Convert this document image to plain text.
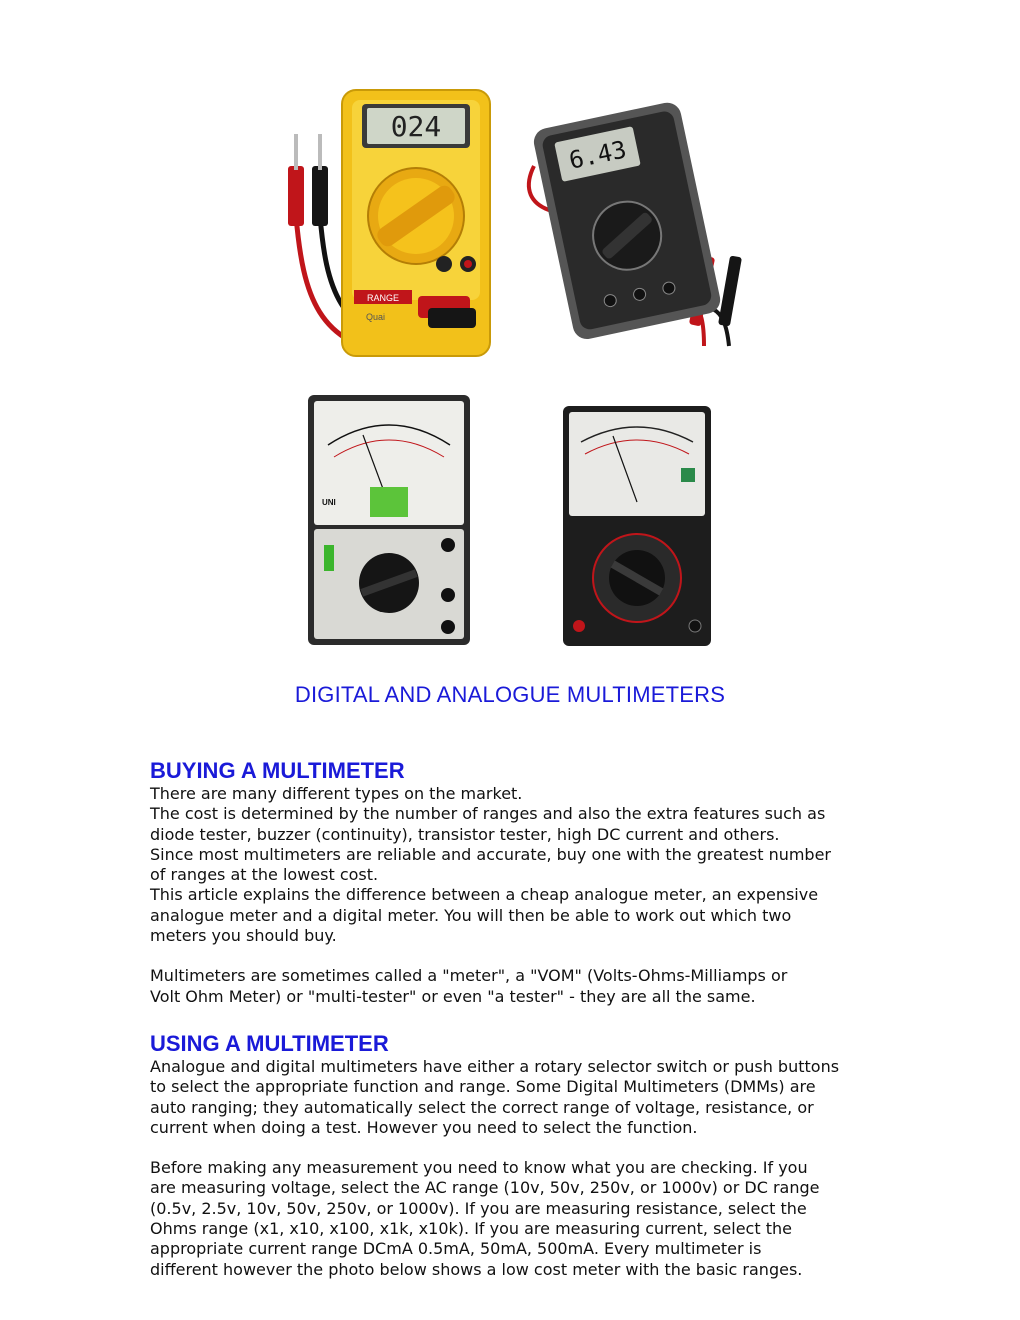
024
RANGE
Quai
6.43
UNI
DIGITAL AND ANALOGUE MULTIMETERS
BUYING A MULTIMETER

There are many different types on the market.

The cost is determined by the number of ranges and also the extra features such as

diode tester, buzzer (continuity), transistor tester, high DC current and others.

Since most multimeters are reliable and accurate, buy one with the greatest number

of ranges at the lowest cost.

This article explains the difference between a cheap analogue meter, an expensive

analogue meter and a digital meter. You will then be able to work out which two

meters you should buy.

Multimeters are sometimes called a "meter", a "VOM" (Volts-Ohms-Milliamps or

Volt Ohm Meter) or "multi-tester" or even "a tester" - they are all the same.

USING A MULTIMETER

Analogue and digital multimeters have either a rotary selector switch or push buttons

to select the appropriate function and range. Some Digital Multimeters (DMMs) are

auto ranging; they automatically select the correct range of voltage, resistance, or

current when doing a test. However you need to select the function.

Before making any measurement you need to know what you are checking. If you

are measuring voltage, select the AC range (10v, 50v, 250v, or 1000v) or DC range

(0.5v, 2.5v, 10v, 50v, 250v, or 1000v). If you are measuring resistance, select the

Ohms range (x1, x10, x100, x1k, x10k). If you are measuring current, select the

appropriate current range DCmA 0.5mA, 50mA, 500mA. Every multimeter is

different however the photo below shows a low cost meter with the basic ranges.
